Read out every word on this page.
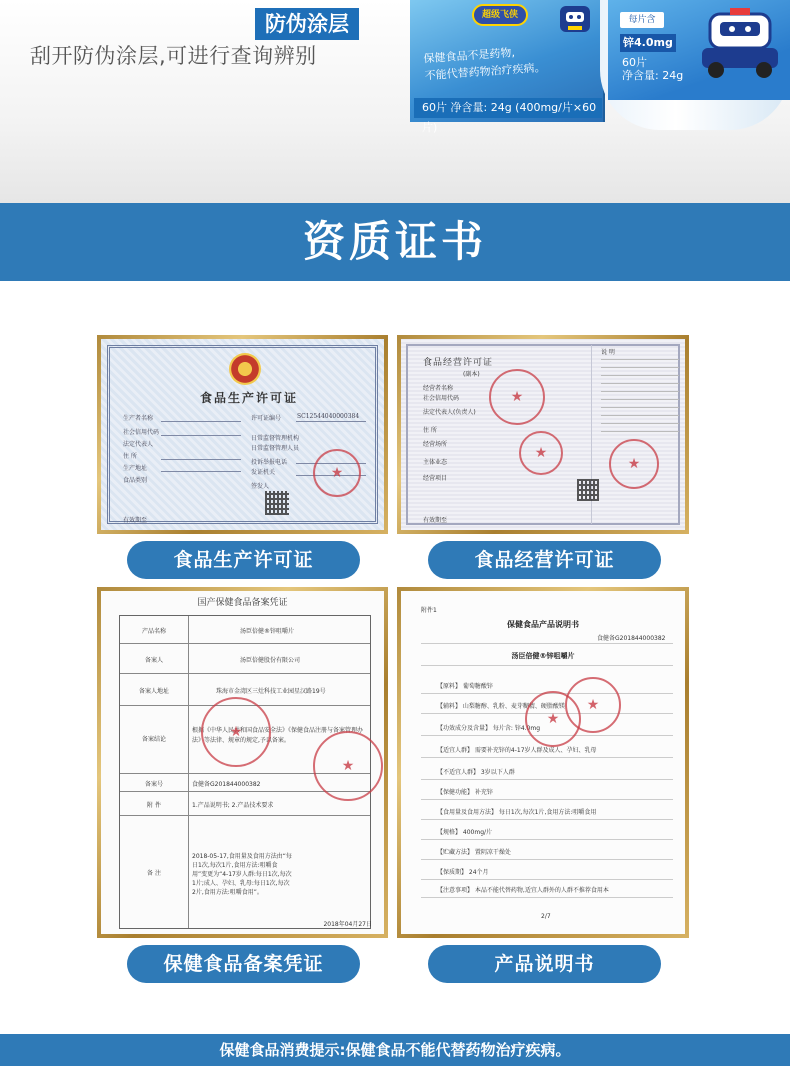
防伪涂层
刮开防伪涂层,可进行查询辨别
超级飞侠
保健食品不是药物,
不能代替药物治疗疾病。
60片 净含量: 24g (400mg/片×60片)
每片含
锌4.0mg
60片
净含量: 24g
资质证书
食品生产许可证
生产者名称
社会信用代码
法定代表人
住 所
生产地址
食品类别
许可证编号	SC12544040000384
日常监督管理机构
日常监督管理人员
投诉举报电话
发证机关
签发人
有效期至
★
食品生产许可证
食品经营许可证
(副本)
说 明
经营者名称
社会信用代码
法定代表人(负责人)
住 所
经营场所
主体业态
经营项目
有效期至
★
★
★
食品经营许可证
国产保健食品备案凭证
产品名称	汤臣倍健®锌咀嚼片
备案人	汤臣倍健股份有限公司
备案人地址	珠海市金湾区三灶科技工业园星汉路19号
备案结论
根据《中华人民共和国食品安全法》《保健食品注册与备案管理办法》等法律、规章的规定,予以备案。
备案号	食健备G201844000382
附 件	1.产品说明书; 2.产品技术要求
备 注
2018-05-17,食用量及食用方法由“每日1次,每次1片,食用方法:咀嚼食用”变更为“4-17岁人群:每日1次,每次1片;成人、孕妇、乳母:每日1次,每次2片,食用方法:咀嚼食用”。
★
★
2018年04月27日
保健食品备案凭证
附件1
保健食品产品说明书
食健备G201844000382
汤臣倍健®锌咀嚼片
【原料】 葡萄糖酸锌
【辅料】 山梨糖醇、乳粉、麦芽糊精、硬脂酸镁
【功效成分及含量】 每片含: 锌4.0mg
【适宜人群】 需要补充锌的4-17岁人群及成人、孕妇、乳母
【不适宜人群】 3岁以下人群
【保健功能】 补充锌
【食用量及食用方法】 每日1次,每次1片,食用方法:咀嚼食用
【规格】 400mg/片
【贮藏方法】 置阴凉干燥处
【保质期】 24个月
【注意事项】 本品不能代替药物,适宜人群外的人群不推荐食用本
★
★
2/7
产品说明书
保健食品消费提示:保健食品不能代替药物治疗疾病。
